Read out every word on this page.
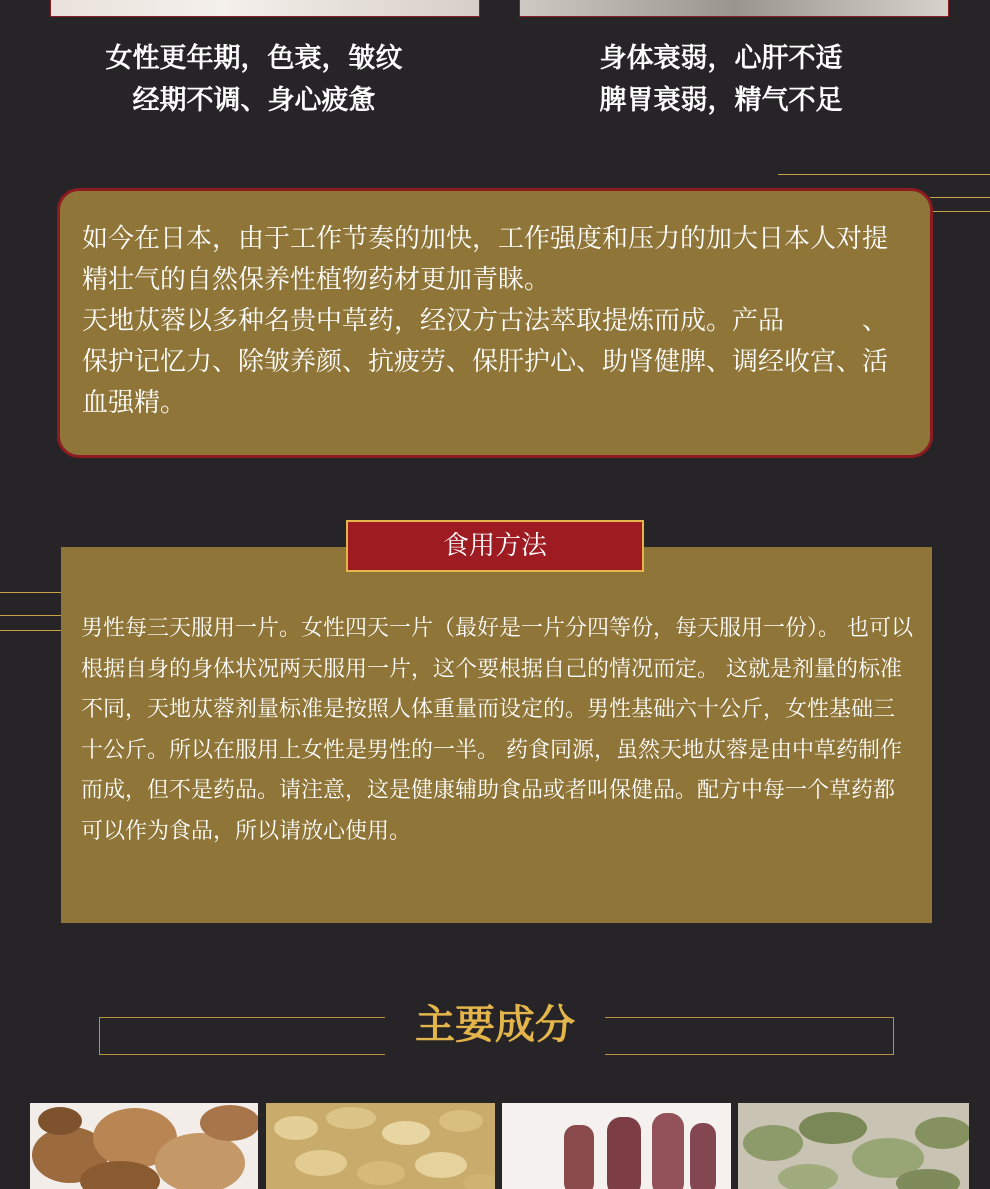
女性更年期，色衰，皱纹
经期不调、身心疲惫
身体衰弱，心肝不适
脾胃衰弱，精气不足

如今在日本，由于工作节奏的加快，工作强度和压力的加大日本人对提精壮气的自然保养性植物药材更加青睐。

天地苁蓉以多种名贵中草药，经汉方古法萃取提炼而成。产品　　　、保护记忆力、除皱养颜、抗疲劳、保肝护心、助肾健脾、调经收宫、活血强精。

男性每三天服用一片。女性四天一片（最好是一片分四等份，每天服用一份）。 也可以根据自身的身体状况两天服用一片，这个要根据自己的情况而定。 这就是剂量的标准不同，天地苁蓉剂量标准是按照人体重量而设定的。男性基础六十公斤，女性基础三十公斤。所以在服用上女性是男性的一半。 药食同源，虽然天地苁蓉是由中草药制作而成，但不是药品。请注意，这是健康辅助食品或者叫保健品。配方中每一个草药都可以作为食品，所以请放心使用。

食用方法
主要成分
